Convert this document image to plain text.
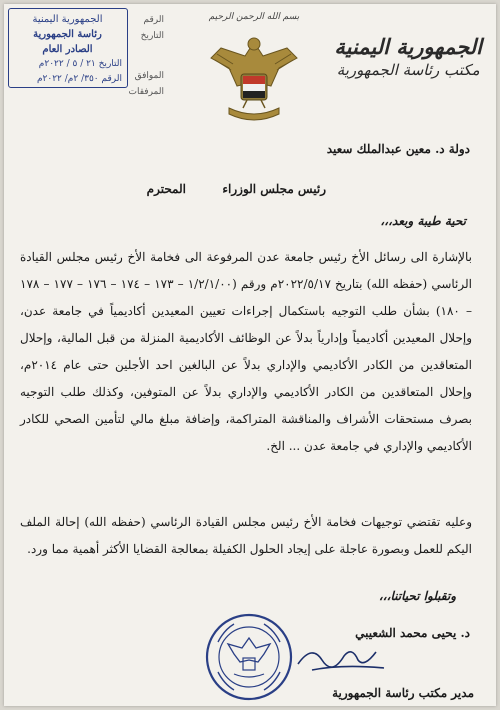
بسم الله الرحمن الرحيم
الجمهورية اليمنية
مكتب رئاسة الجمهورية
الرقم
التاريخ
الموافق
المرفقات
الجمهورية اليمنية
رئاسة الجمهورية
الصادر العام
التاريخ ٢١ / ٥ / ٢٠٢٢م
الرقم ٣٥٠/ ٢م/ ٢٠٢٢م
دولة د. معين عبدالملك سعيد
رئيس مجلس الوزراء
المحترم
تحية طيبة وبعد،،،
بالإشارة الى رسائل الأخ رئيس جامعة عدن المرفوعة الى فخامة الأخ رئيس مجلس القيادة الرئاسي (حفظه الله) بتاريخ ٢٠٢٢/٥/١٧م ورقم (١/٢/١/٠٠ – ١٧٣ – ١٧٤ – ١٧٦ – ١٧٧ – ١٧٨ – ١٨٠) بشأن طلب التوجيه باستكمال إجراءات تعيين المعيدين أكاديمياً في جامعة عدن، وإحلال المعيدين أكاديمياً وإدارياً بدلاً عن الوظائف الأكاديمية المنزلة من قبل المالية، وإحلال المتعاقدين من الكادر الأكاديمي والإداري بدلاً عن البالغين احد الأجلين حتى عام ٢٠١٤م، وإحلال المتعاقدين من الكادر الأكاديمي والإداري بدلاً عن المتوفين، وكذلك طلب التوجيه بصرف مستحقات الأشراف والمناقشة المتراكمة، وإضافة مبلغ مالي لتأمين الصحي للكادر الأكاديمي والإداري في جامعة عدن ... الخ.
وعليه تقتضي توجيهات فخامة الأخ رئيس مجلس القيادة الرئاسي (حفظه الله) إحالة الملف اليكم للعمل وبصورة عاجلة على إيجاد الحلول الكفيلة بمعالجة القضايا الأكثر أهمية مما ورد.
وتقبلوا تحياتنا،،،
د. يحيى محمد الشعيبي
مدير مكتب رئاسة الجمهورية
